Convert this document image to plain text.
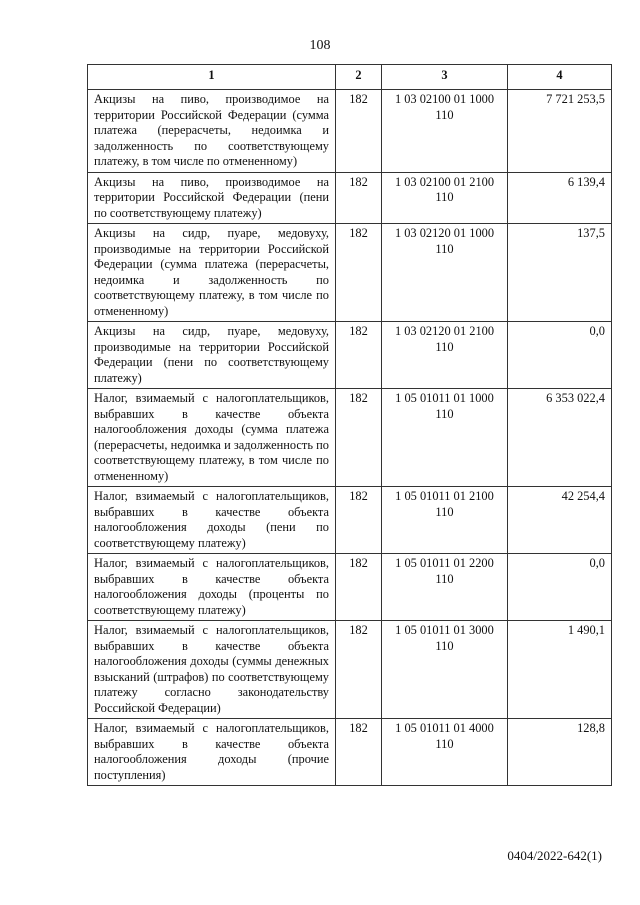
108
1	2	3	4
Акцизы на пиво, производимое на территории Российской Федерации (сумма платежа (перерасчеты, недоимка и задолженность по соответствующему платежу, в том числе по отмененному)	182	1 03 02100 01 1000 110	7 721 253,5
Акцизы на пиво, производимое на территории Российской Федерации (пени по соответствующему платежу)	182	1 03 02100 01 2100 110	6 139,4
Акцизы на сидр, пуаре, медовуху, производимые на территории Российской Федерации (сумма платежа (перерасчеты, недоимка и задолженность по соответствующему платежу, в том числе по отмененному)	182	1 03 02120 01 1000 110	137,5
Акцизы на сидр, пуаре, медовуху, производимые на территории Российской Федерации (пени по соответствующему платежу)	182	1 03 02120 01 2100 110	0,0
Налог, взимаемый с налогоплательщиков, выбравших в качестве объекта налогообложения доходы (сумма платежа (перерасчеты, недоимка и задолженность по соответствующему платежу, в том числе по отмененному)	182	1 05 01011 01 1000 110	6 353 022,4
Налог, взимаемый с налогоплательщиков, выбравших в качестве объекта налогообложения доходы (пени по соответствующему платежу)	182	1 05 01011 01 2100 110	42 254,4
Налог, взимаемый с налогоплательщиков, выбравших в качестве объекта налогообложения доходы (проценты по соответствующему платежу)	182	1 05 01011 01 2200 110	0,0
Налог, взимаемый с налогоплательщиков, выбравших в качестве объекта налогообложения доходы (суммы денежных взысканий (штрафов) по соответствующему платежу согласно законодательству Российской Федерации)	182	1 05 01011 01 3000 110	1 490,1
Налог, взимаемый с налогоплательщиков, выбравших в качестве объекта налогообложения доходы (прочие поступления)	182	1 05 01011 01 4000 110	128,8
0404/2022-642(1)
